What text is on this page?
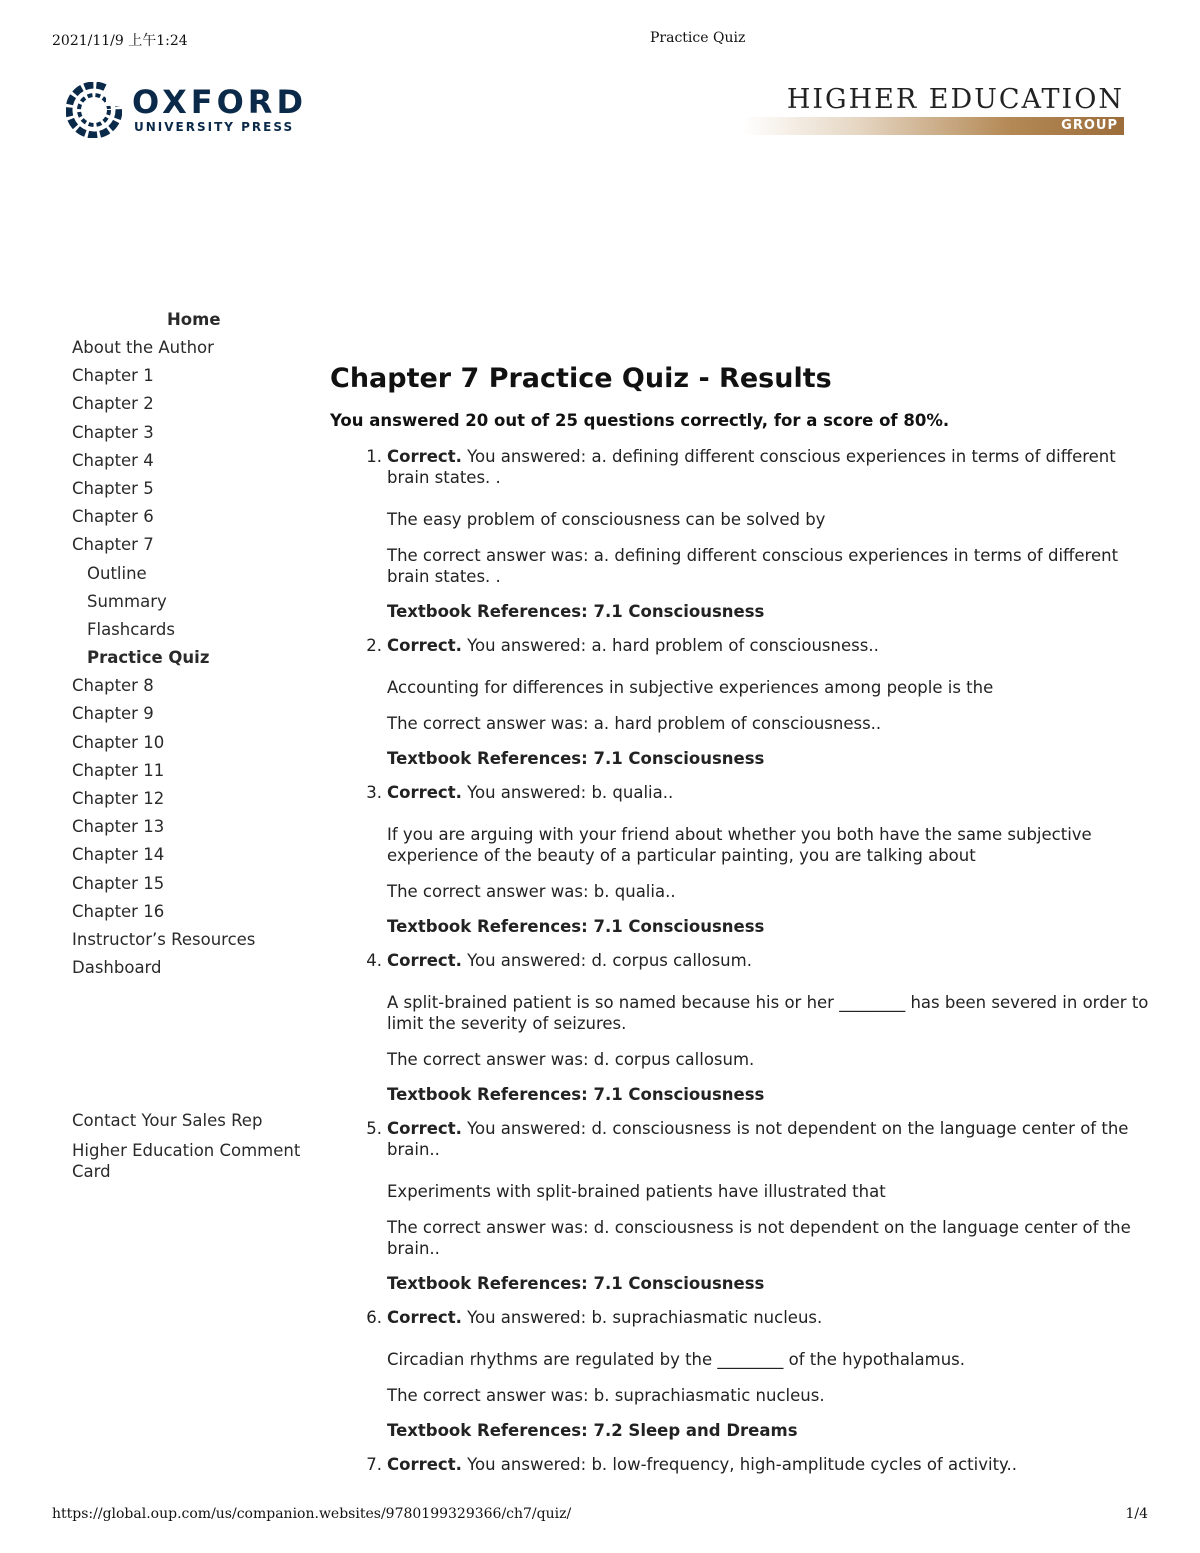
2021/11/9 上午1:24	Practice Quiz
OXFORD
UNIVERSITY PRESS
HIGHER EDUCATION
GROUP
Home
About the Author
Chapter 1
Chapter 2
Chapter 3
Chapter 4
Chapter 5
Chapter 6
Chapter 7
Outline
Summary
Flashcards
Practice Quiz
Chapter 8
Chapter 9
Chapter 10
Chapter 11
Chapter 12
Chapter 13
Chapter 14
Chapter 15
Chapter 16
Instructor’s Resources
Dashboard
Contact Your Sales Rep
Higher Education Comment Card
Chapter 7 Practice Quiz - Results

You answered 20 out of 25 questions correctly, for a score of 80%.

1. Correct. You answered: a. defining different conscious experiences in terms of different brain states. .

The easy problem of consciousness can be solved by

The correct answer was: a. defining different conscious experiences in terms of different brain states. .

Textbook References: 7.1 Consciousness

2. Correct. You answered: a. hard problem of consciousness..

Accounting for differences in subjective experiences among people is the

The correct answer was: a. hard problem of consciousness..

Textbook References: 7.1 Consciousness

3. Correct. You answered: b. qualia..

If you are arguing with your friend about whether you both have the same subjective experience of the beauty of a particular painting, you are talking about

The correct answer was: b. qualia..

Textbook References: 7.1 Consciousness

4. Correct. You answered: d. corpus callosum.

A split-brained patient is so named because his or her ________ has been severed in order to limit the severity of seizures.

The correct answer was: d. corpus callosum.

Textbook References: 7.1 Consciousness

5. Correct. You answered: d. consciousness is not dependent on the language center of the brain..

Experiments with split-brained patients have illustrated that

The correct answer was: d. consciousness is not dependent on the language center of the brain..

Textbook References: 7.1 Consciousness

6. Correct. You answered: b. suprachiasmatic nucleus.

Circadian rhythms are regulated by the ________ of the hypothalamus.

The correct answer was: b. suprachiasmatic nucleus.

Textbook References: 7.2 Sleep and Dreams

7. Correct. You answered: b. low-frequency, high-amplitude cycles of activity..

https://global.oup.com/us/companion.websites/9780199329366/ch7/quiz/	1/4
